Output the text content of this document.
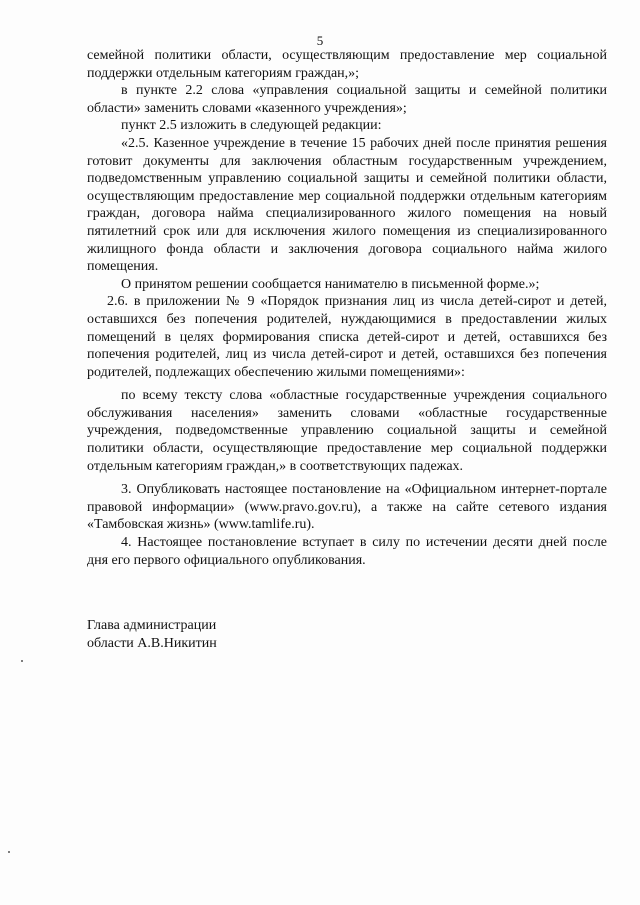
5

семейной политики области, осуществляющим предоставление мер социальной поддержки отдельным категориям граждан,»;

в пункте 2.2 слова «управления социальной защиты и семейной политики области» заменить словами «казенного учреждения»;

пункт 2.5 изложить в следующей редакции:

«2.5. Казенное учреждение в течение 15 рабочих дней после принятия решения готовит документы для заключения областным государственным учреждением, подведомственным управлению социальной защиты и семейной политики области, осуществляющим предоставление мер социальной поддержки отдельным категориям граждан, договора найма специализированного жилого помещения на новый пятилетний срок или для исключения жилого помещения из специализированного жилищного фонда области и заключения договора социального найма жилого помещения.

О принятом решении сообщается нанимателю в письменной форме.»;

2.6. в приложении № 9 «Порядок признания лиц из числа детей-сирот и детей, оставшихся без попечения родителей, нуждающимися в предоставлении жилых помещений в целях формирования списка детей-сирот и детей, оставшихся без попечения родителей, лиц из числа детей-сирот и детей, оставшихся без попечения родителей, подлежащих обеспечению жилыми помещениями»:

по всему тексту слова «областные государственные учреждения социального обслуживания населения» заменить словами «областные государственные учреждения, подведомственные управлению социальной защиты и семейной политики области, осуществляющие предоставление мер социальной поддержки отдельным категориям граждан,» в соответствующих падежах.

3. Опубликовать настоящее постановление на «Официальном интернет-портале правовой информации» (www.pravo.gov.ru), а также на сайте сетевого издания «Тамбовская жизнь» (www.tamlife.ru).

4. Настоящее постановление вступает в силу по истечении десяти дней после дня его первого официального опубликования.

Глава администрации
области А.В.Никитин
